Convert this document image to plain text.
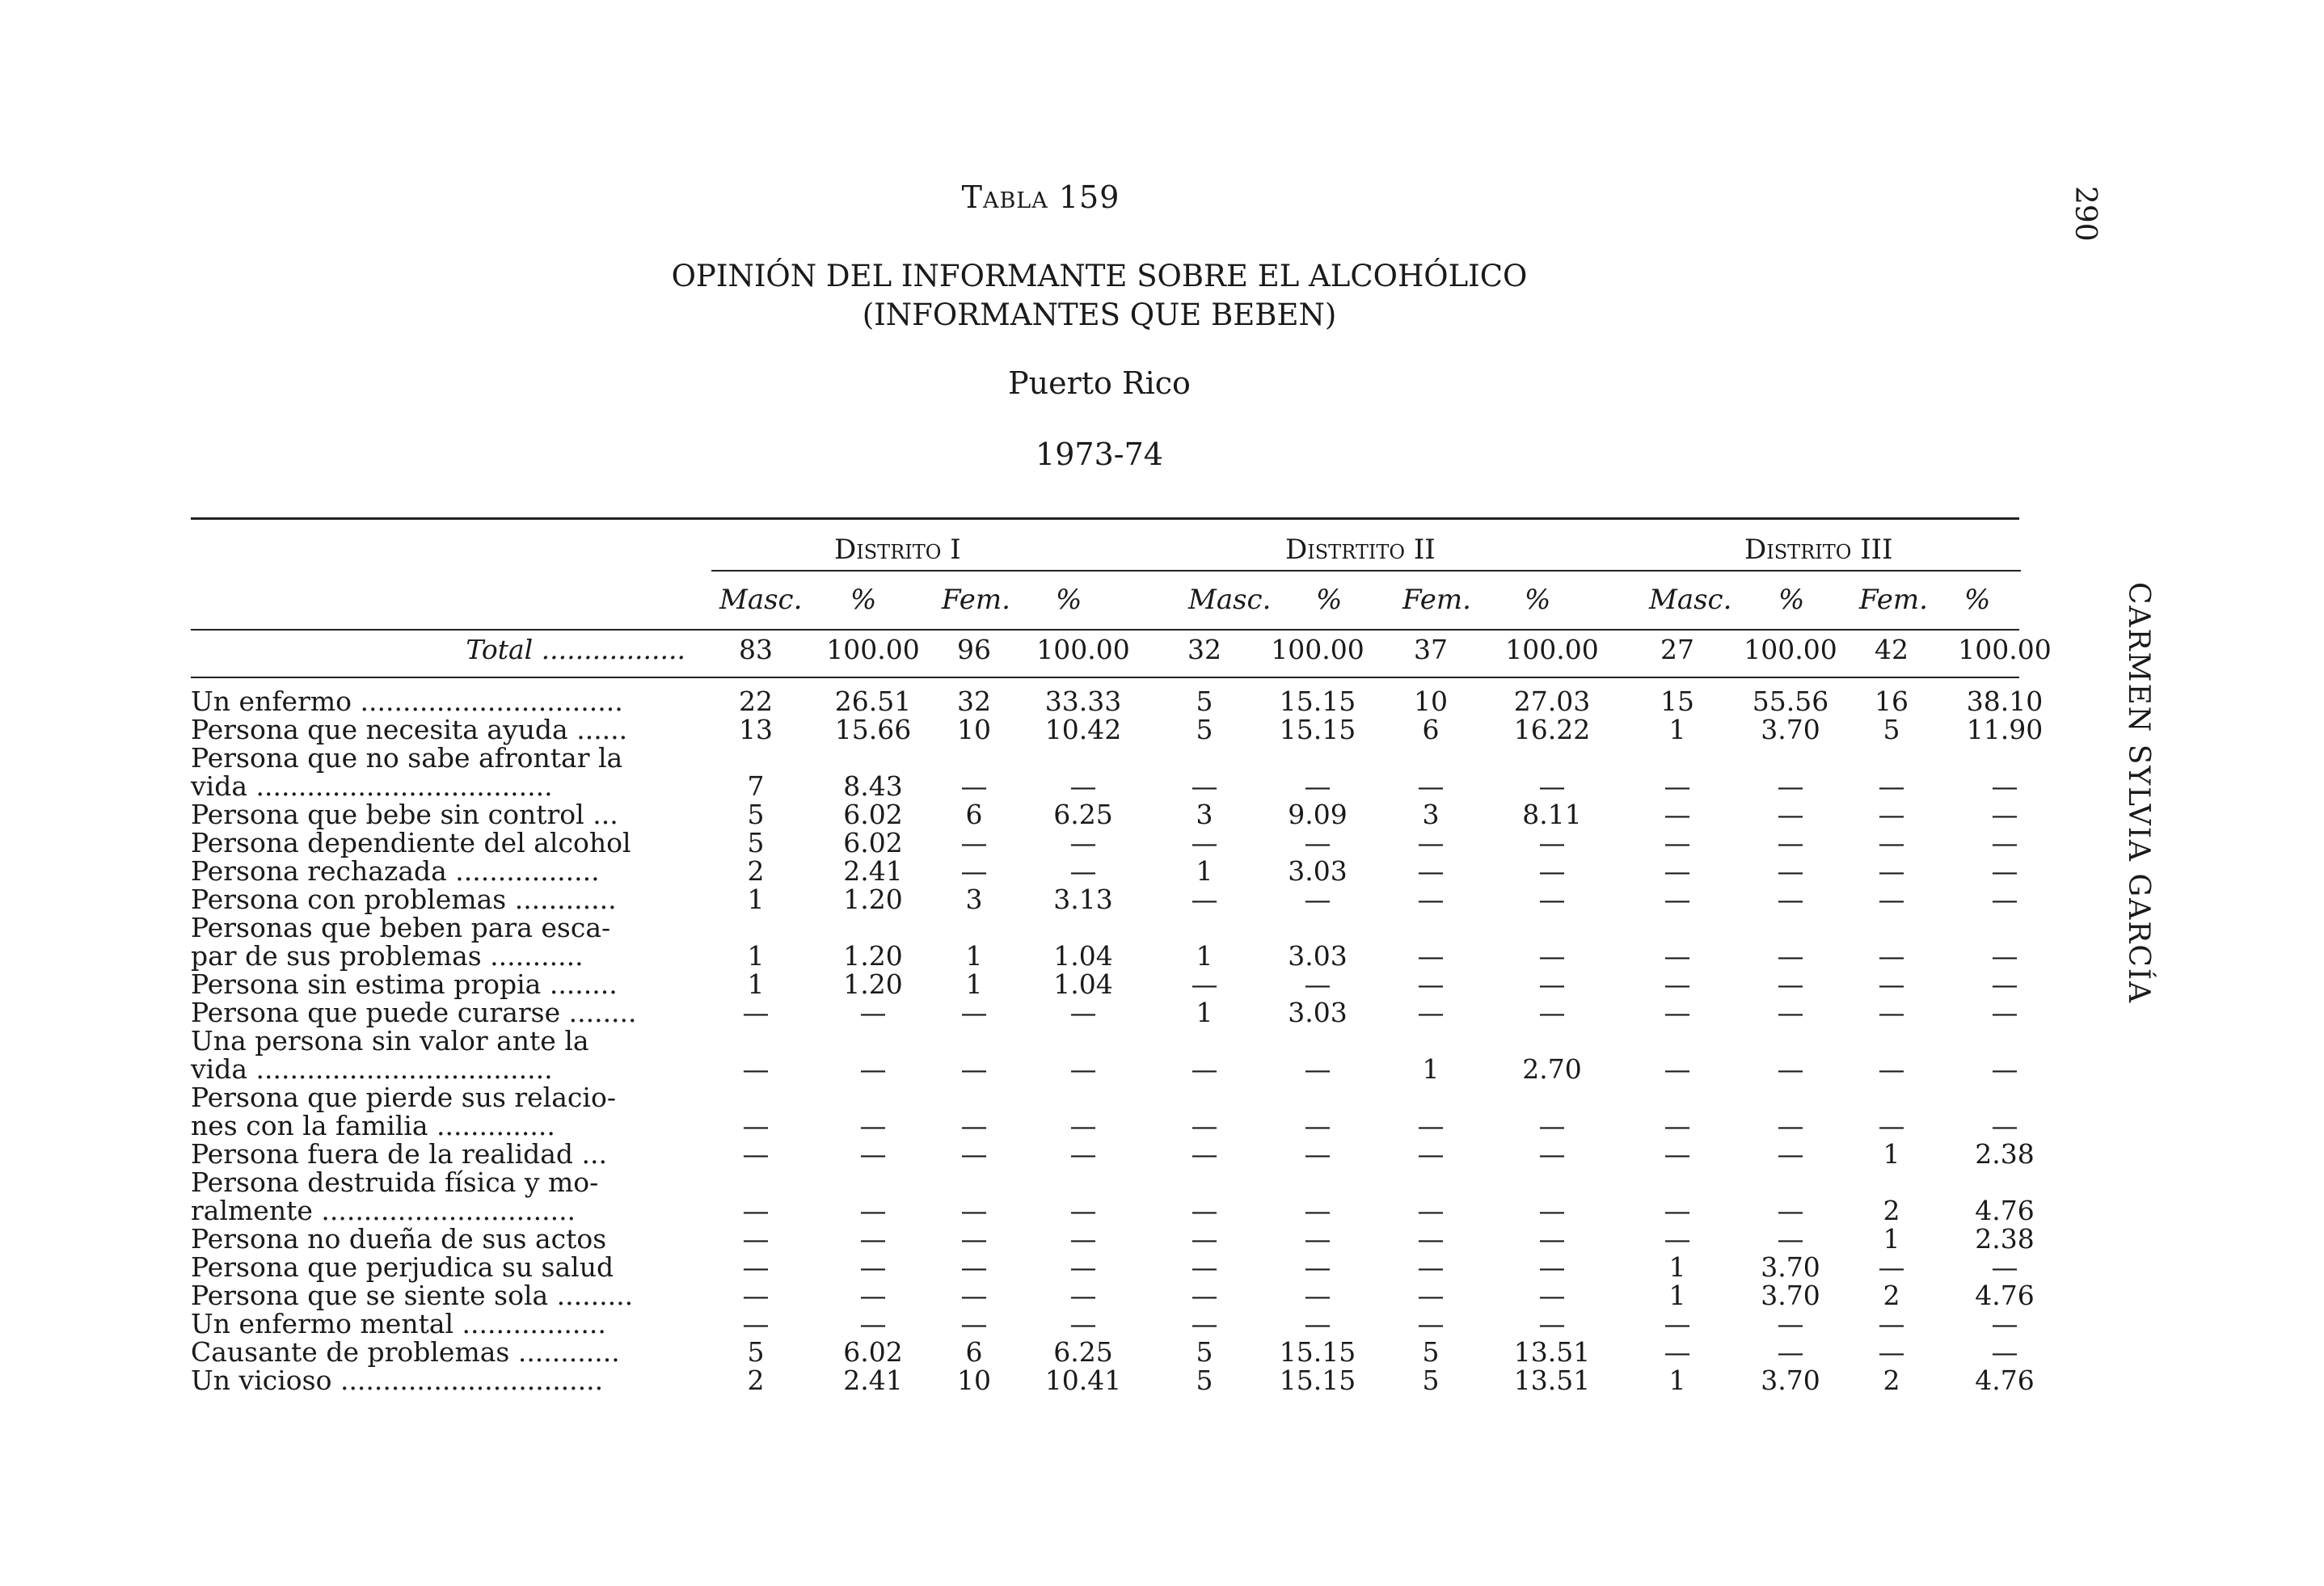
Tabla 159
OPINIÓN DEL INFORMANTE SOBRE EL ALCOHÓLICO
(INFORMANTES QUE BEBEN)
Puerto Rico
1973-74
290
CARMEN SYLVIA GARCÍA
Distrito I	Distrtito II	Distrito III
Masc. % Fem. %	Masc. % Fem. %	Masc. % Fem. %
Total .................	83	100.00	96	100.00	32	100.00	37	100.00	27	100.00	42	100.00

Un enfermo ...............................	22	26.51	32	33.33	5	15.15	10	27.03	15	55.56	16	38.10
Persona que necesita ayuda ......	13	15.66	10	10.42	5	15.15	6	16.22	1	3.70	5	11.90
Persona que no sabe afrontar la												
vida ...................................	7	8.43	—	—	—	—	—	—	—	—	—	—
Persona que bebe sin control ...	5	6.02	6	6.25	3	9.09	3	8.11	—	—	—	—
Persona dependiente del alcohol	5	6.02	—	—	—	—	—	—	—	—	—	—
Persona rechazada .................	2	2.41	—	—	1	3.03	—	—	—	—	—	—
Persona con problemas ............	1	1.20	3	3.13	—	—	—	—	—	—	—	—
Personas que beben para esca-												
par de sus problemas ...........	1	1.20	1	1.04	1	3.03	—	—	—	—	—	—
Persona sin estima propia ........	1	1.20	1	1.04	—	—	—	—	—	—	—	—
Persona que puede curarse ........	—	—	—	—	1	3.03	—	—	—	—	—	—
Una persona sin valor ante la												
vida ...................................	—	—	—	—	—	—	1	2.70	—	—	—	—
Persona que pierde sus relacio-												
nes con la familia ..............	—	—	—	—	—	—	—	—	—	—	—	—
Persona fuera de la realidad ...	—	—	—	—	—	—	—	—	—	—	1	2.38
Persona destruida física y mo-												
ralmente ..............................	—	—	—	—	—	—	—	—	—	—	2	4.76
Persona no dueña de sus actos	—	—	—	—	—	—	—	—	—	—	1	2.38
Persona que perjudica su salud	—	—	—	—	—	—	—	—	1	3.70	—	—
Persona que se siente sola .........	—	—	—	—	—	—	—	—	1	3.70	2	4.76
Un enfermo mental .................	—	—	—	—	—	—	—	—	—	—	—	—
Causante de problemas ............	5	6.02	6	6.25	5	15.15	5	13.51	—	—	—	—
Un vicioso ...............................	2	2.41	10	10.41	5	15.15	5	13.51	1	3.70	2	4.76
